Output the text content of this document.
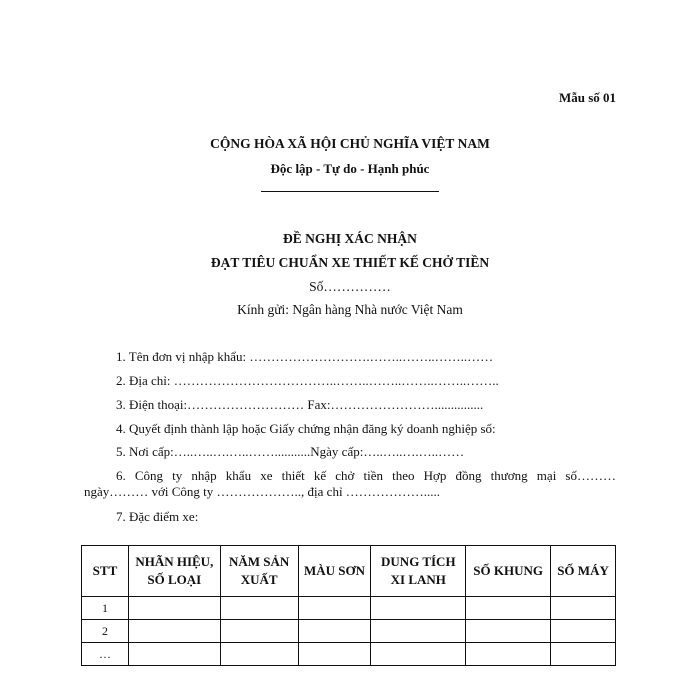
Mẫu số 01
CỘNG HÒA XÃ HỘI CHỦ NGHĨA VIỆT NAM
Độc lập - Tự do - Hạnh phúc
ĐỀ NGHỊ XÁC NHẬN
ĐẠT TIÊU CHUẨN XE THIẾT KẾ CHỞ TIỀN
Số……………
Kính gửi: Ngân hàng Nhà nước Việt Nam
1. Tên đơn vị nhập khẩu: ……………………….……..……..……..……
2. Địa chỉ: ………………………………..……..……..……..……..……..
3. Điện thoại:……………………… Fax:……………………...............
4. Quyết định thành lập hoặc Giấy chứng nhận đăng ký doanh nghiệp số:
5. Nơi cấp:…..…..….…..……...........Ngày cấp:…..…..….…..……
6. Công ty nhập khẩu xe thiết kế chở tiền theo Hợp đồng thương mại số………
ngày……… với Công ty ……………….., địa chỉ ……………….....
7. Đặc điểm xe:
STT	NHÃN HIỆU, SỐ LOẠI	NĂM SẢN XUẤT	MÀU SƠN	DUNG TÍCH XI LANH	SỐ KHUNG	SỐ MÁY
1						
2						
…						
